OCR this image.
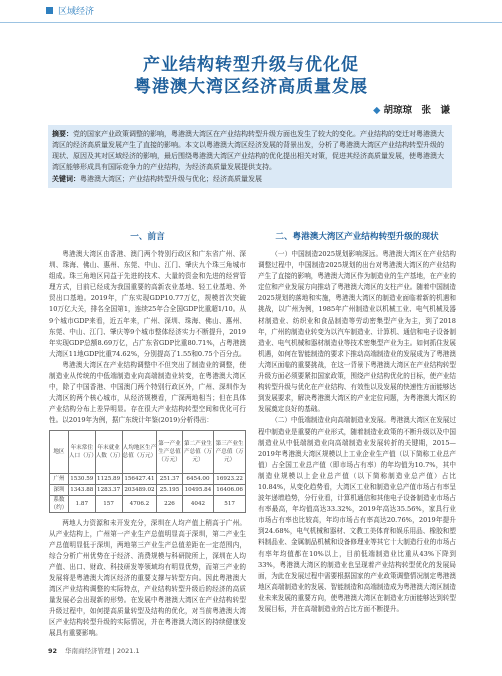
区域经济
产业结构转型升级与优化促
粤港澳大湾区经济高质量发展
◆ 胡琼琼　张　谦
摘要：党的国家产业政策调整的影响，粤港澳大湾区在产业结构转型升级方面也发生了较大的变化。产业结构的变迁对粤港澳大湾区的经济高质量发展产生了直接的影响。本文以粤港澳大湾区经济发展的背景出发，分析了粤港澳大湾区产业结构转型升级的现状、原因及其对区域经济的影响，最后围绕粤港澳大湾区产业结构的优化提出相关对策，促进其经济高质量发展，使粤港澳大湾区能够形成具有国际竞争力的产业结构，为经济高质量发展提供支持。
关键词：粤港澳大湾区；产业结构转型升级与优化；经济高质量发展
一、前言

粤港澳大湾区由香港、澳门两个特别行政区和广东省广州、深圳、珠海、佛山、惠州、东莞、中山、江门、肇庆九个珠三角城市组成。珠三角地区同益于先进的技术、大量的资金和先进的经营管理方式，目前已经成为我国重要的高新农业基地、轻工业基地、外贸出口基地。2019年，广东实现GDP10.77万亿，规模首次突破10万亿大关，排名全国第1，连续25年合全国GDP比重超1/10。从9个城市GDP来看，近五年来，广州、深圳、珠海、佛山、惠州、东莞、中山、江门、肇庆等9个城市整体经济实力不断提升，2019年实现GDP总额8.69万亿，占广东省GDP比重80.71%，占粤港澳大湾区11地GDP比重74.62%，分别提高了1.55和0.75个百分点。

粤港澳大湾区在产业结构调整中不但突出了制造业的调整，使制造业从传统的中低端制造业向高端制造业转变，在粤港澳大湾区中，除了中国香港、中国澳门两个特别行政区外，广州、深圳作为大湾区的两个核心城市，从经济规模看，广深两地相当；但在具体产业结构分布上差异明显。存在很大产业结构转型空间和优化可行性。以2019年为例，据广东统计年鉴(2019)分析得出：

地区	年末常住人口（万）	年末就业人数（万）	人均地区生产总值（万元）	第一产业生产总值（万元）	第二产业生产总值（万元）	第三产业生产总值（万元）
广州	1530.59	1125.89	156427.41	251.37	6454.00	16923.22
深圳	1343.88	1283.37	203489.02	25.195	10495.84	16406.06
系数（约）	1.87	157	4706.2	226	4042	517

两地人力资源和未开发充分，深圳在人均产值上稍高于广州。从产业结构上，广州第一产业生产总值明显高于深圳，第二产业生产总值明显低于深圳，两地第三产业生产总值差距在一定范围内，综合分析广州优势在于经济、消费规模与科研院所上，深圳在人均产值、出口、财政、科技研发等领域均有明显优势，而第三产业的发展将是粤港澳大湾区经济的重要支撑与转型方向。因此粤港澳大湾区产业结构调整的实际特点，产业结构转型升级后的经济的高质量发展必会出现新的形势。在发展中粤港澳大湾区在产业结构转型升级过程中，如何提高质量转型及结构的优化，对当前粤港澳大湾区产业结构转型升级的实际情况，并在粤港澳大湾区的持续健康发展具有重要影响。

二、粤港澳大湾区产业结构转型升级的现状

（一）中国制造2025规划影响深远。粤港澳大湾区在产业结构调整过程中，中国制造2025规划的出台对粤港澳大湾区的产业结构产生了直接的影响，粤港澳大湾区作为制造业的生产基地，在产业的定位和产业发展方向推动了粤港澳大湾区的支柱产业。随着中国制造2025规划的落地和实施，粤港澳大湾区的制造业面临着新的机遇和挑战，以广州为例，1985年广州制造业以机械工业、电气机械及器材制造业、纺织业和食品制造等劳动密集型产业为主，到了2018年，广州的制造业转变为以汽车制造业、计算机、通信和电子设备制造业、电气机械和器材制造业等技术密集型产业为主。如何抓住发展机遇，如何在智能制造的要求下推动高端制造业的发展成为了粤港澳大湾区面临的重要挑战，在这一背景下粤港澳大湾区在产业结构转型升级方面必须要紧扣国家政策，围绕产业结构优化的目标，使产业结构转型升级与优化在产业结构、有效性以及发展的快速性方面能够达到发展要求，解决粤港澳大湾区的产业定位问题，为粤港澳大湾区的发展奠定良好的基础。

（二）中低端制造业向高端制造业发展。粤港澳大湾区在发展过程中制造业是重要的产业形式，随着制造业政策的不断升级以及中国制造业从中低端制造业向高端制造业发展转折的关键期，2015—2019年粤港澳大湾区规模以上工业企业生产值（以下简称工业总产值）占全国工业总产值（即市场占有率）的年均值为10.7%，其中制造业规模以上企业总产值（以下简称制造业总产值）占比10.84%，从变化趋势看，大湾区工业和制造业总产值市场占有率呈波年递增趋势，分行业看，计算机通信和其他电子设备制造业市场占有率最高，年均值高达33.32%，2019年高达35.56%，家具行业市场占有率也比较高，年均市场占有率高达20.76%，2019年提升到24.68%，电气机械和器材、文教工美体育和娱乐用品、橡胶和塑料制品业、金属制品机械和设备修理业等其它十大制造行业的市场占有率年均值都在10%以上，目前低端制造业比重从43%下降到33%，粤港澳大湾区的制造业也呈现着产业结构转型优化的发展局面，为此在发展过程中需要根据国家的产业政策调整情况制定粤港澳地区高端制造业的发展、智能制造和高端制造成为粤港澳大湾区制造业未来发展的重要方向，使粤港澳大湾区在制造业方面能够达到转型发展目标，并在高端制造业的占比方面不断提升。

92 华南商经济管理 | 2021.1
